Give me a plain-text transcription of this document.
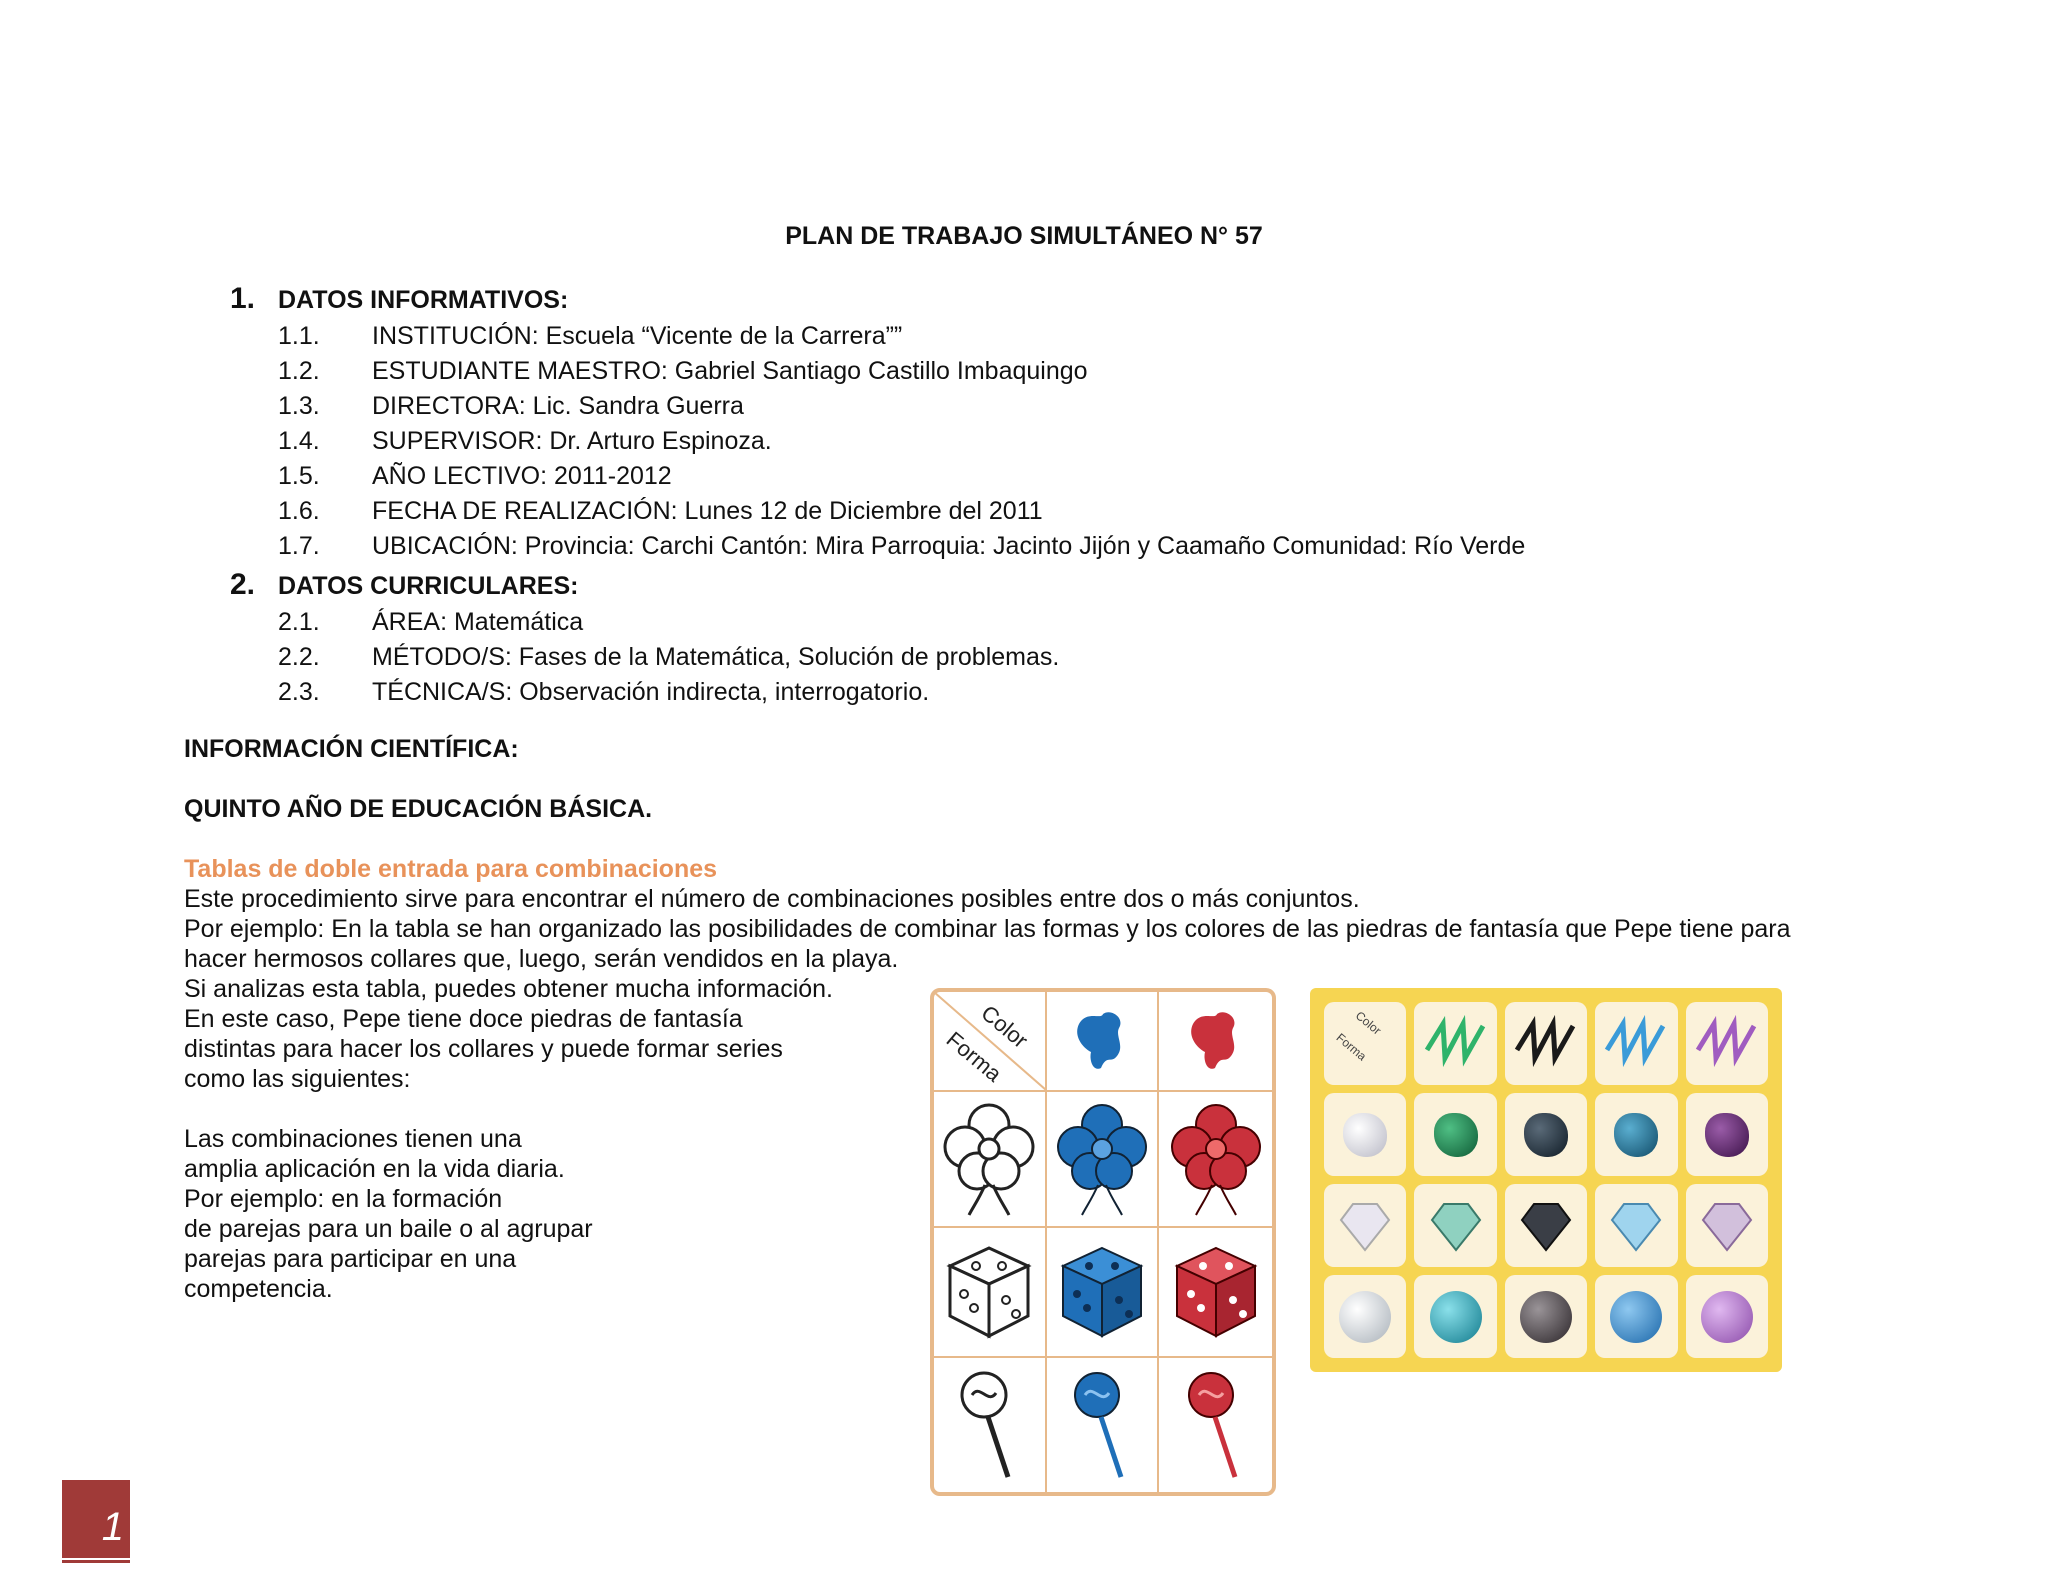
PLAN DE TRABAJO SIMULTÁNEO N° 57
1. DATOS INFORMATIVOS:
1.1. INSTITUCIÓN: Escuela “Vicente de la Carrera””
1.2. ESTUDIANTE MAESTRO: Gabriel Santiago Castillo Imbaquingo
1.3. DIRECTORA: Lic. Sandra Guerra
1.4. SUPERVISOR: Dr. Arturo Espinoza.
1.5. AÑO LECTIVO: 2011-2012
1.6. FECHA DE REALIZACIÓN: Lunes 12 de Diciembre del 2011
1.7. UBICACIÓN: Provincia: Carchi Cantón: Mira Parroquia: Jacinto Jijón y Caamaño Comunidad: Río Verde
2. DATOS CURRICULARES:
2.1. ÁREA: Matemática
2.2. MÉTODO/S: Fases de la Matemática, Solución de problemas.
2.3. TÉCNICA/S: Observación indirecta, interrogatorio.
INFORMACIÓN CIENTÍFICA:
QUINTO AÑO DE EDUCACIÓN BÁSICA.
Tablas de doble entrada para combinaciones
Este procedimiento sirve para encontrar el número de combinaciones posibles entre dos o más conjuntos.
Por ejemplo: En la tabla se han organizado las posibilidades de combinar las formas y los colores de las piedras de fantasía que Pepe tiene para
hacer hermosos collares que, luego, serán vendidos en la playa.
Si analizas esta tabla, puedes obtener mucha información.
En este caso, Pepe tiene doce piedras de fantasía
distintas para hacer los collares y puede formar series
como las siguientes:
Las combinaciones tienen una
amplia aplicación en la vida diaria.
Por ejemplo: en la formación
de parejas para un baile o al agrupar
parejas para participar en una
competencia.
Color
Forma
Color
Forma
1
